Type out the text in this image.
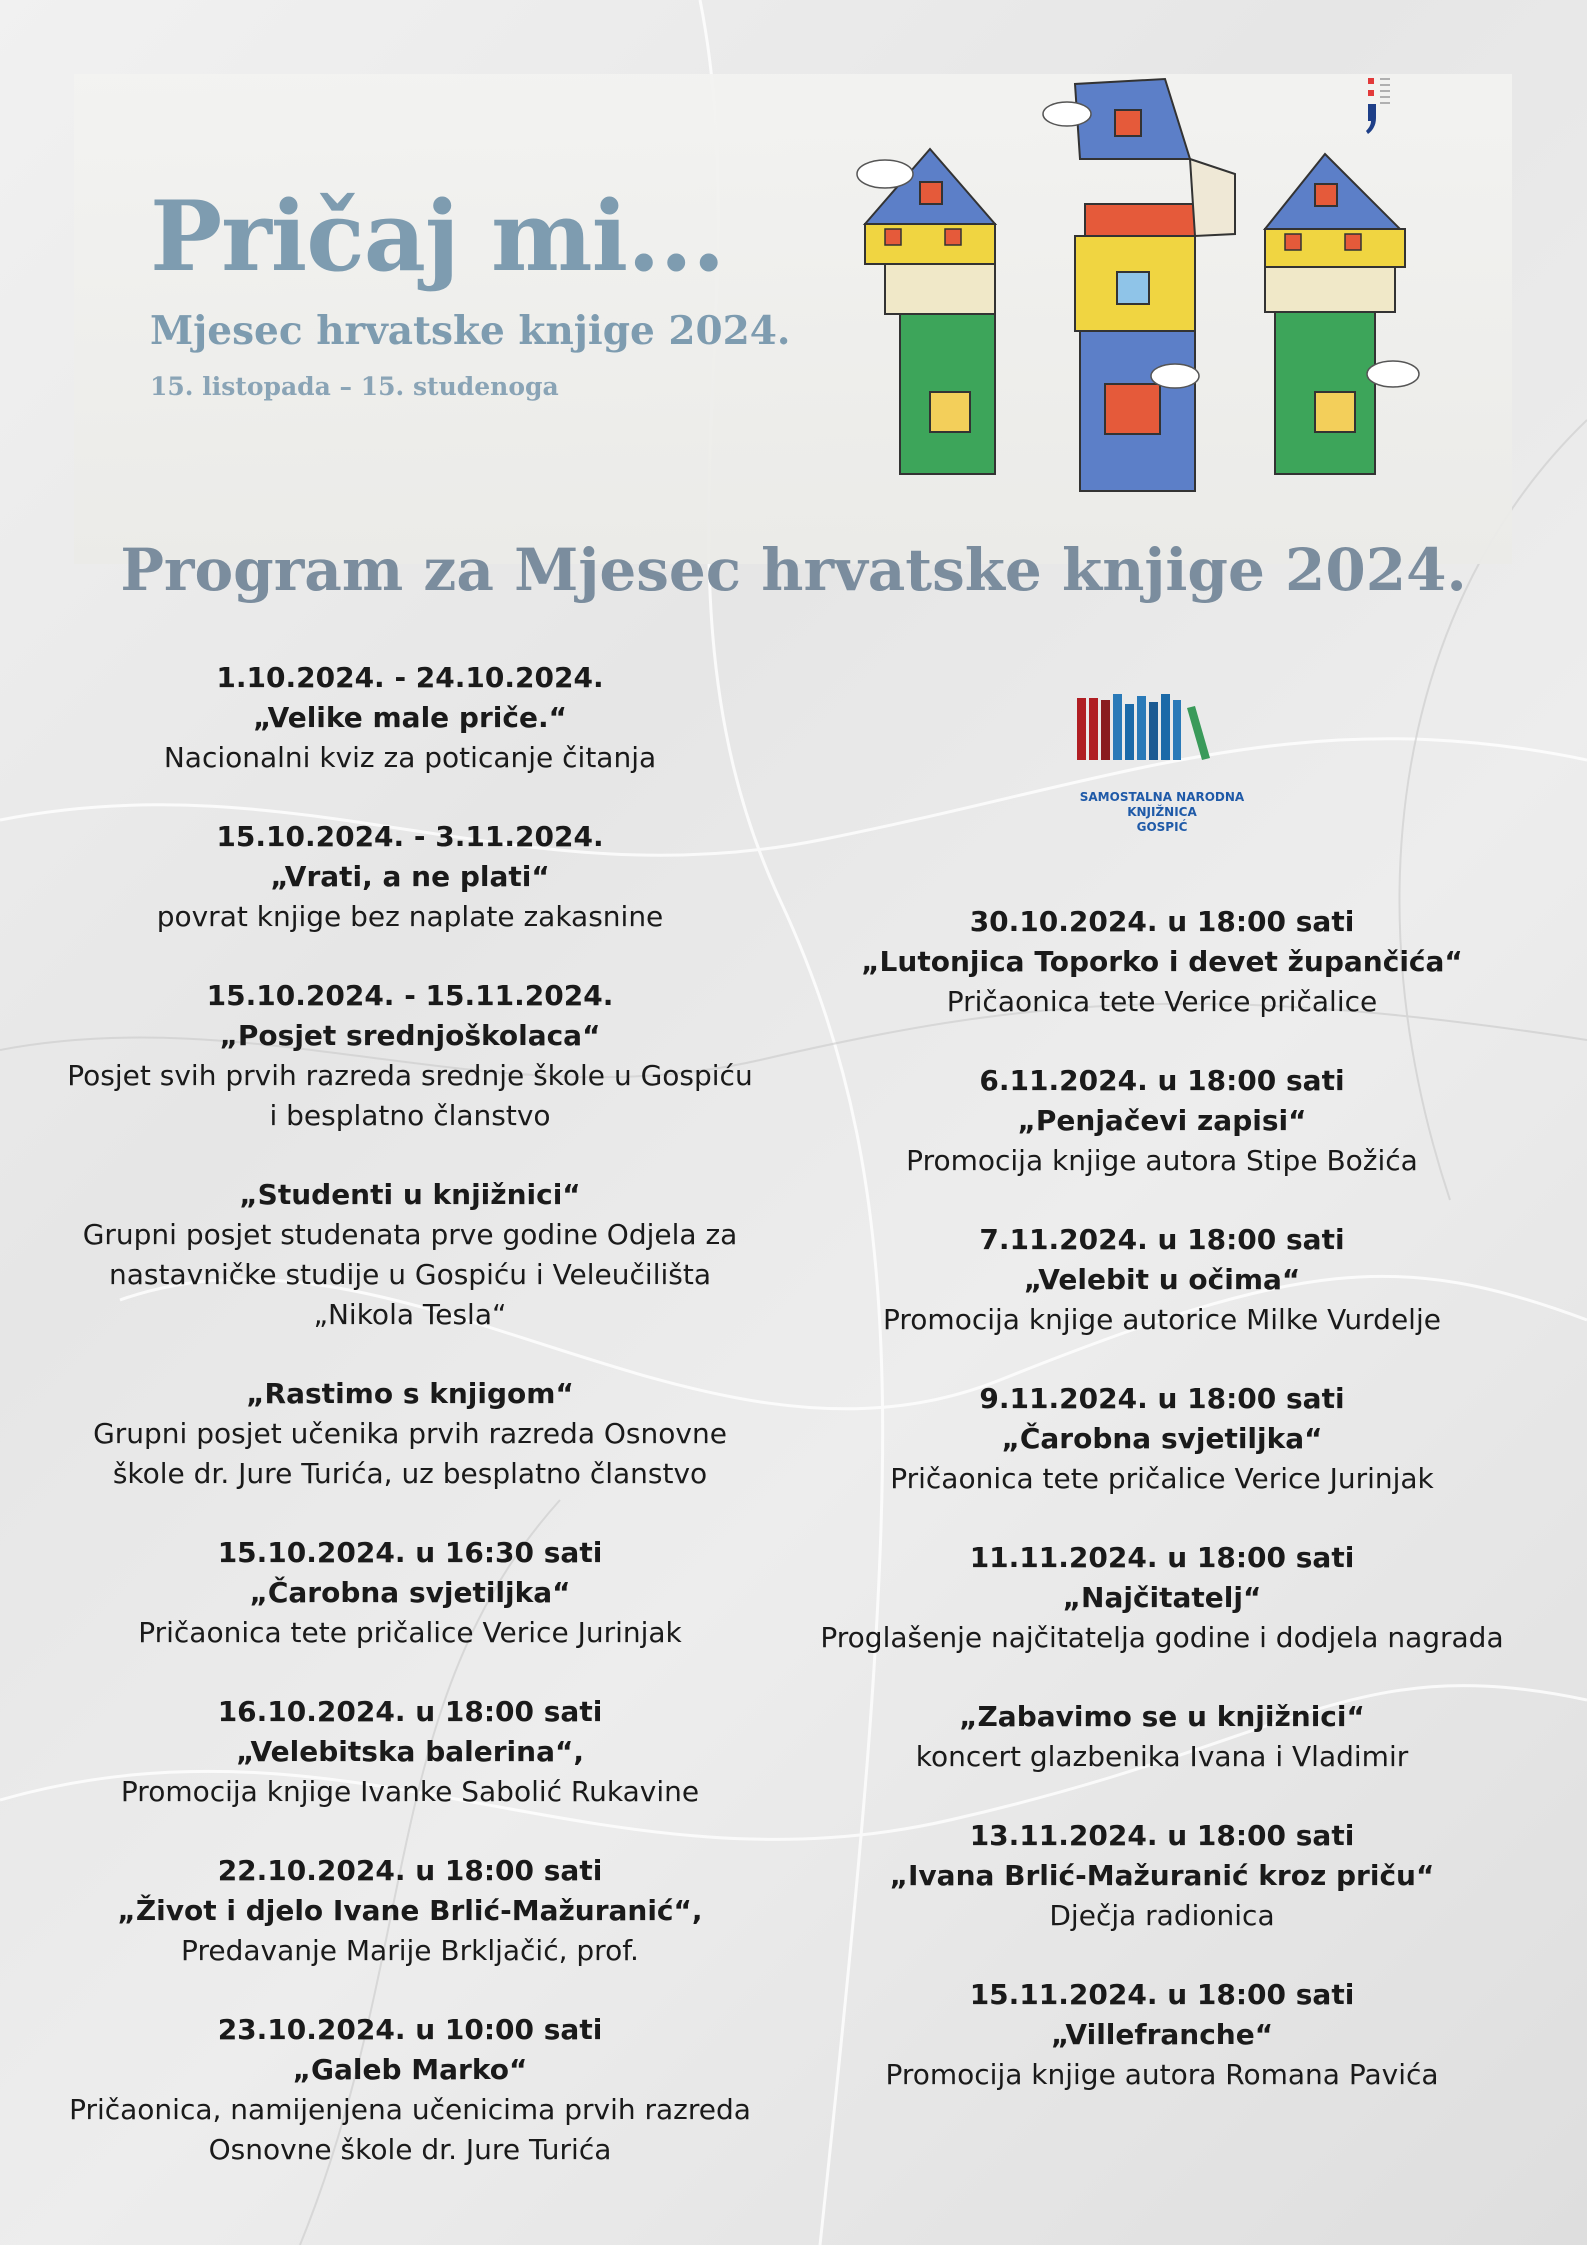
Pričaj mi...
Mjesec hrvatske knjige 2024.
15. listopada – 15. studenoga
Program za Mjesec hrvatske knjige 2024.
SAMOSTALNA NARODNA KNJIŽNICA
GOSPIĆ
1.10.2024. - 24.10.2024.
„Velike male priče.“
Nacionalni kviz za poticanje čitanja
15.10.2024. - 3.11.2024.
„Vrati, a ne plati“
povrat knjige bez naplate zakasnine
15.10.2024. - 15.11.2024.
„Posjet srednjoškolaca“
Posjet svih prvih razreda srednje škole u Gospiću
i besplatno članstvo
„Studenti u knjižnici“
Grupni posjet studenata prve godine Odjela za
nastavničke studije u Gospiću i Veleučilišta
„Nikola Tesla“
„Rastimo s knjigom“
Grupni posjet učenika prvih razreda Osnovne
škole dr. Jure Turića, uz besplatno članstvo
15.10.2024. u 16:30 sati
„Čarobna svjetiljka“
Pričaonica tete pričalice Verice Jurinjak
16.10.2024. u 18:00 sati
„Velebitska balerina“,
Promocija knjige Ivanke Sabolić Rukavine
22.10.2024. u 18:00 sati
„Život i djelo Ivane Brlić-Mažuranić“,
Predavanje Marije Brkljačić, prof.
23.10.2024. u 10:00 sati
„Galeb Marko“
Pričaonica, namijenjena učenicima prvih razreda
Osnovne škole dr. Jure Turića
30.10.2024. u 18:00 sati
„Lutonjica Toporko i devet župančića“
Pričaonica tete Verice pričalice
6.11.2024. u 18:00 sati
„Penjačevi zapisi“
Promocija knjige autora Stipe Božića
7.11.2024. u 18:00 sati
„Velebit u očima“
Promocija knjige autorice Milke Vurdelje
9.11.2024. u 18:00 sati
„Čarobna svjetiljka“
Pričaonica tete pričalice Verice Jurinjak
11.11.2024. u 18:00 sati
„Najčitatelj“
Proglašenje najčitatelja godine i dodjela nagrada
„Zabavimo se u knjižnici“
koncert glazbenika Ivana i Vladimir
13.11.2024. u 18:00 sati
„Ivana Brlić-Mažuranić kroz priču“
Dječja radionica
15.11.2024. u 18:00 sati
„Villefranche“
Promocija knjige autora Romana Pavića
